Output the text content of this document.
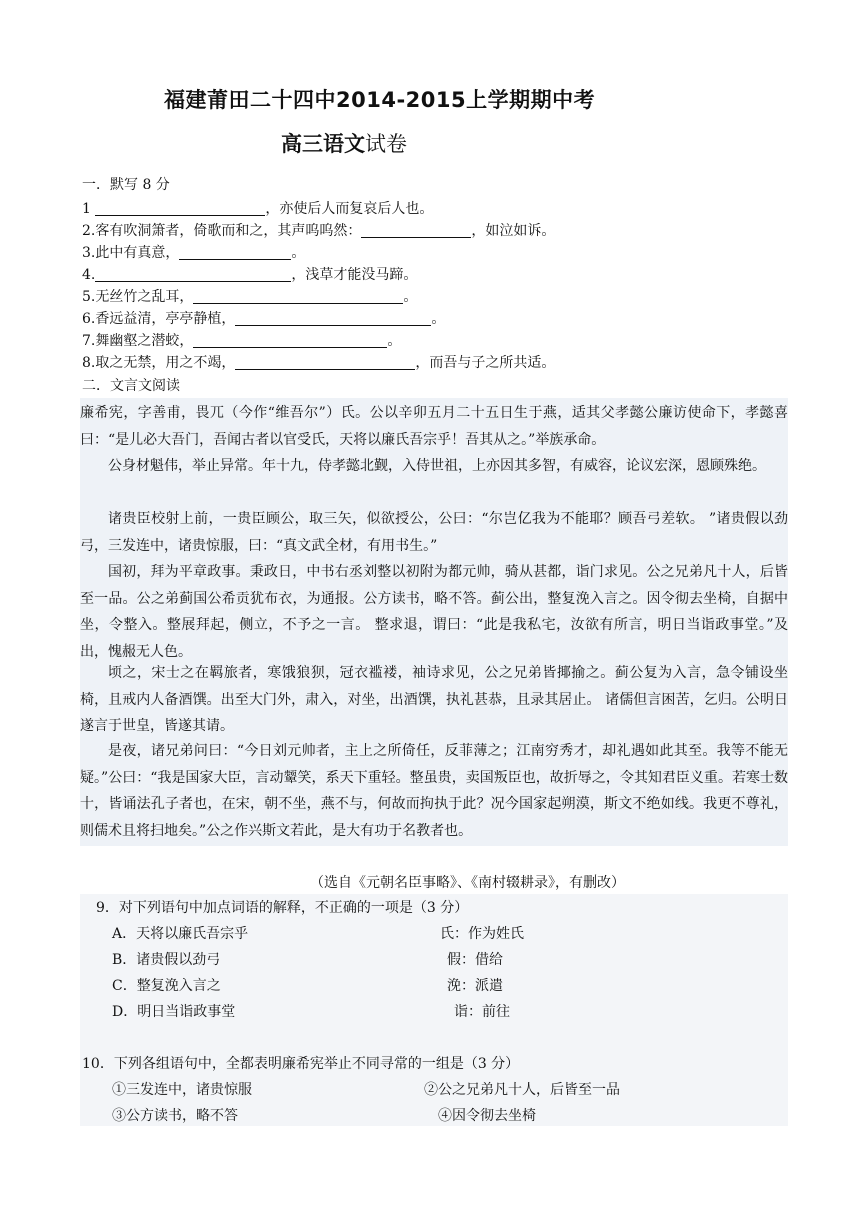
福建莆田二十四中2014-2015上学期期中考
高三语文试卷
一．默写 8 分
1	，亦使后人而复哀后人也。
2.客有吹洞箫者，倚歌而和之，其声呜呜然：	，如泣如诉。
3.此中有真意，	。
4.	，浅草才能没马蹄。
5.无丝竹之乱耳，	。
6.香远益清，亭亭静植，	。
7.舞幽壑之潜蛟，	。
8.取之无禁，用之不竭，	，而吾与子之所共适。
二．文言文阅读
廉希宪，字善甫，畏兀（今作“维吾尔”）氏。公以辛卯五月二十五日生于燕，适其父孝懿公廉访使命下，孝懿喜曰：“是儿必大吾门，吾闻古者以官受氏，天将以廉氏吾宗乎！吾其从之。”举族承命。
公身材魁伟，举止异常。年十九，侍孝懿北觐，入侍世祖，上亦因其多智，有威容，论议宏深，恩顾殊绝。
诸贵臣校射上前，一贵臣顾公，取三矢，似欲授公，公曰：“尔岂亿我为不能耶？顾吾弓差软。 ”诸贵假以劲弓，三发连中，诸贵惊服，曰：“真文武全材，有用书生。”
国初，拜为平章政事。秉政日，中书右丞刘整以初附为都元帅，骑从甚都，诣门求见。公之兄弟凡十人，后皆至一品。公之弟蓟国公希贡犹布衣，为通报。公方读书，略不答。蓟公出，整复浼入言之。因令彻去坐椅，自据中坐，令整入。整展拜起，侧立，不予之一言。 整求退，谓曰：“此是我私宅，汝欲有所言，明日当诣政事堂。”及出，愧赧无人色。
顷之，宋士之在羁旅者，寒饿狼狈，冠衣褴褛，袖诗求见，公之兄弟皆揶揄之。蓟公复为入言，急令铺设坐椅，且戒内人备酒馔。出至大门外，肃入，对坐，出酒馔，执礼甚恭，且录其居止。 诸儒但言困苦，乞归。公明日遂言于世皇，皆遂其请。
是夜，诸兄弟问曰：“今日刘元帅者，主上之所倚任，反菲薄之；江南穷秀才，却礼遇如此其至。我等不能无疑。”公曰：“我是国家大臣，言动颦笑，系天下重轻。整虽贵，卖国叛臣也，故折辱之，令其知君臣义重。若寒士数十，皆诵法孔子者也，在宋，朝不坐，燕不与，何故而拘执于此？况今国家起朔漠，斯文不绝如线。我更不尊礼，则儒术且将扫地矣。”公之作兴斯文若此，是大有功于名教者也。
（选自《元朝名臣事略》、《南村辍耕录》，有删改）
9．对下列语句中加点词语的解释，不正确的一项是（3 分）
A．天将以廉氏吾宗乎	氏：作为姓氏
B．诸贵假以劲弓	假：借给
C．整复浼入言之	浼：派遣
D．明日当诣政事堂	诣：前往
10．下列各组语句中，全都表明廉希宪举止不同寻常的一组是（3 分）
①三发连中，诸贵惊服	②公之兄弟凡十人，后皆至一品
③公方读书，略不答	④因令彻去坐椅
